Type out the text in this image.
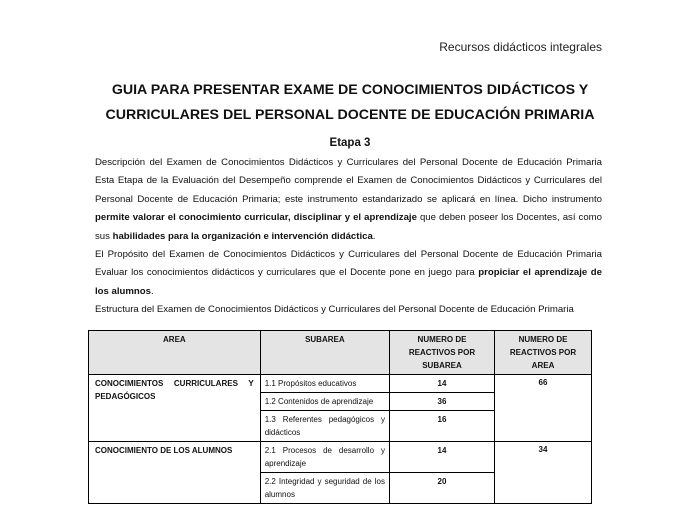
Recursos didácticos integrales
GUIA PARA PRESENTAR EXAME DE CONOCIMIENTOS DIDÁCTICOS Y
CURRICULARES DEL PERSONAL DOCENTE DE EDUCACIÓN PRIMARIA
Etapa 3

Descripción del Examen de Conocimientos Didácticos y Curriculares del Personal Docente de Educación Primaria Esta Etapa de la Evaluación del Desempeño comprende el Examen de Conocimientos Didácticos y Curriculares del Personal Docente de Educación Primaria; este instrumento estandarizado se aplicará en línea. Dicho instrumento permite valorar el conocimiento curricular, disciplinar y el aprendizaje que deben poseer los Docentes, así como sus habilidades para la organización e intervención didáctica.

El Propósito del Examen de Conocimientos Didácticos y Curriculares del Personal Docente de Educación Primaria Evaluar los conocimientos didácticos y curriculares que el Docente pone en juego para propiciar el aprendizaje de los alumnos.

Estructura del Examen de Conocimientos Didácticos y Curriculares del Personal Docente de Educación Primaria

AREA	SUBAREA	NUMERO DE REACTIVOS POR SUBAREA	NUMERO DE REACTIVOS POR AREA
CONOCIMIENTOS CURRICULARES Y PEDAGÓGICOS	1.1 Propósitos educativos	14	66
	1.2 Contenidos de aprendizaje	36	
	1.3 Referentes pedagógicos y didácticos	16	
CONOCIMIENTO DE LOS ALUMNOS	2.1 Procesos de desarrollo y aprendizaje	14	34
	2.2 Integridad y seguridad de los alumnos	20	
